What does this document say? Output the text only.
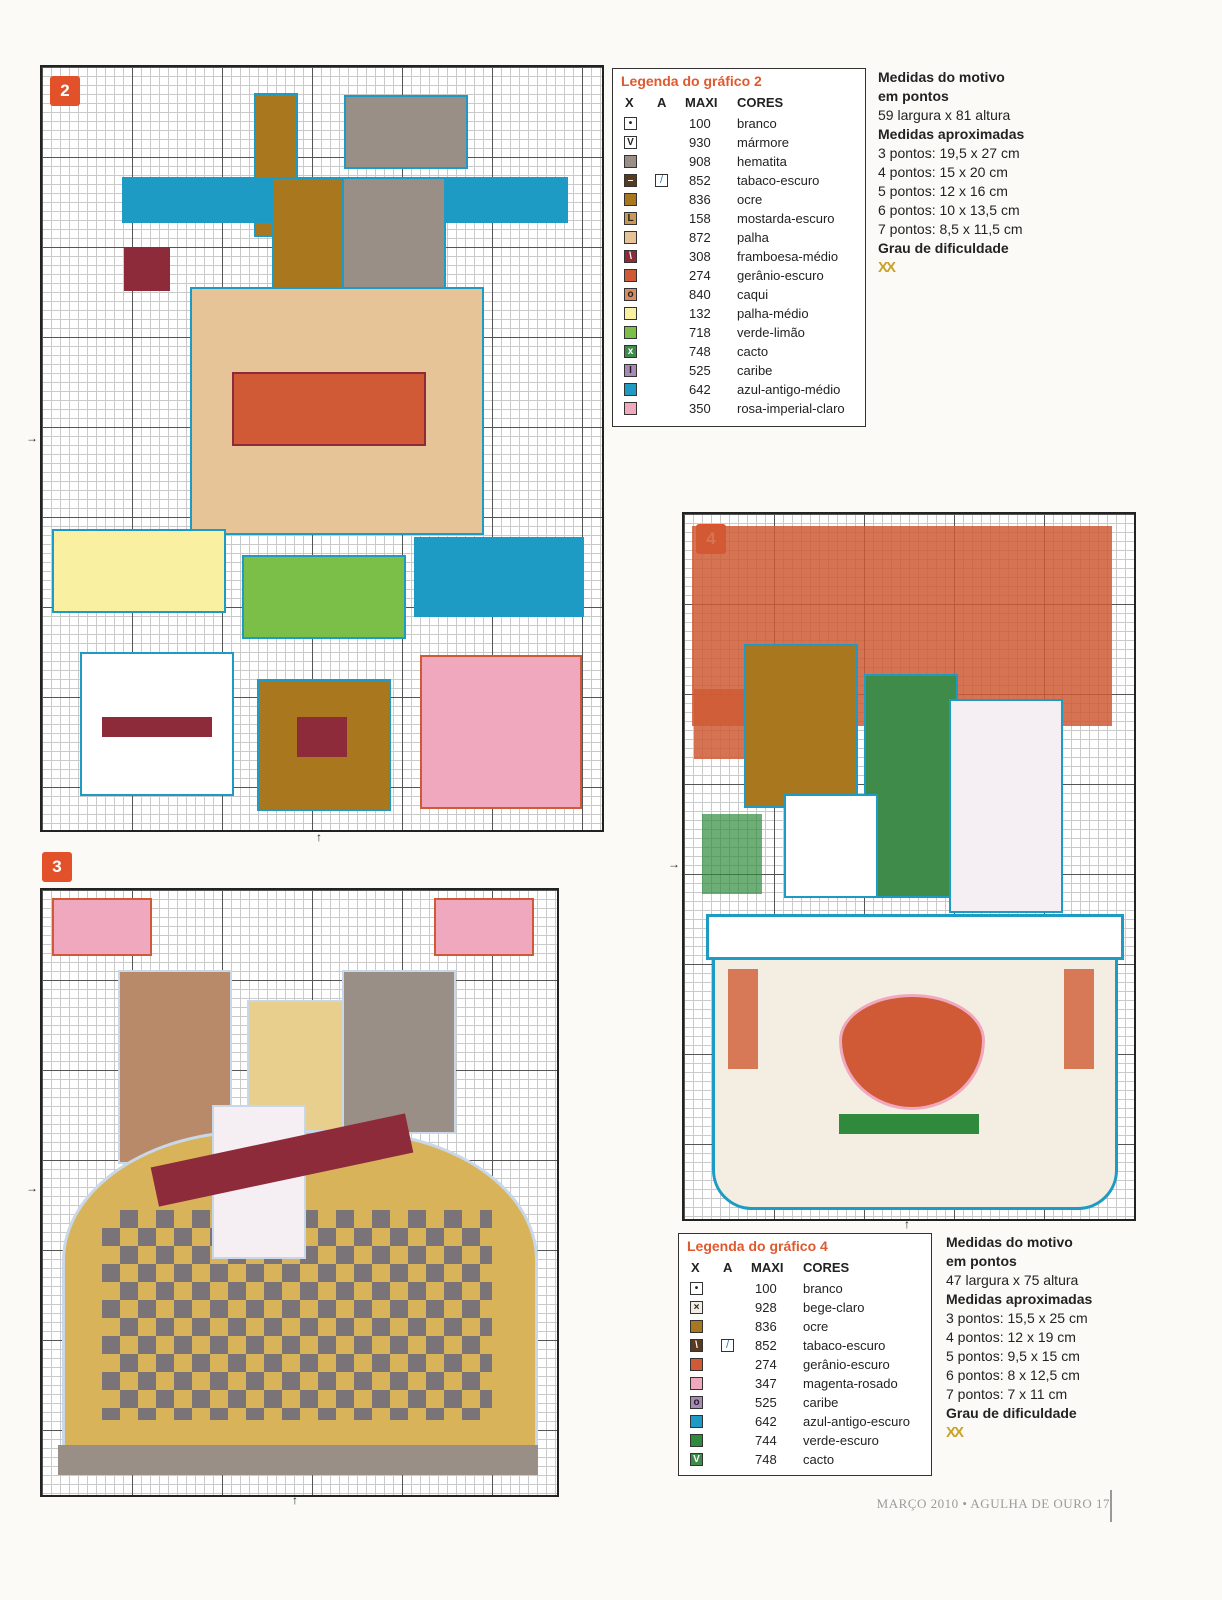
2
→
↑
Legenda do gráfico 2
X A MAXI CORES
•	100 branco
V	930 mármore
908 hematita
–	/	852 tabaco-escuro
836 ocre
L	158 mostarda-escuro
872 palha
\	308 framboesa-médio
274 gerânio-escuro
o	840 caqui
132 palha-médio
718 verde-limão
x	748 cacto
I	525 caribe
642 azul-antigo-médio
350 rosa-imperial-claro
Medidas do motivo
em pontos
59 largura x 81 altura
Medidas aproximadas
3 pontos: 19,5 x 27 cm
4 pontos: 15 x 20 cm
5 pontos: 12 x 16 cm
6 pontos: 10 x 13,5 cm
7 pontos: 8,5 x 11,5 cm
Grau de dificuldade
XX
3
→
↑
→
↑
Legenda do gráfico 4
X A MAXI CORES
•	100 branco
×	928 bege-claro
836 ocre
\	/	852 tabaco-escuro
274 gerânio-escuro
347 magenta-rosado
o	525 caribe
642 azul-antigo-escuro
744 verde-escuro
V	748 cacto
Medidas do motivo
em pontos
47 largura x 75 altura
Medidas aproximadas
3 pontos: 15,5 x 25 cm
4 pontos: 12 x 19 cm
5 pontos: 9,5 x 15 cm
6 pontos: 8 x 12,5 cm
7 pontos: 7 x 11 cm
Grau de dificuldade
XX
MARÇO 2010 • AGULHA DE OURO 17
